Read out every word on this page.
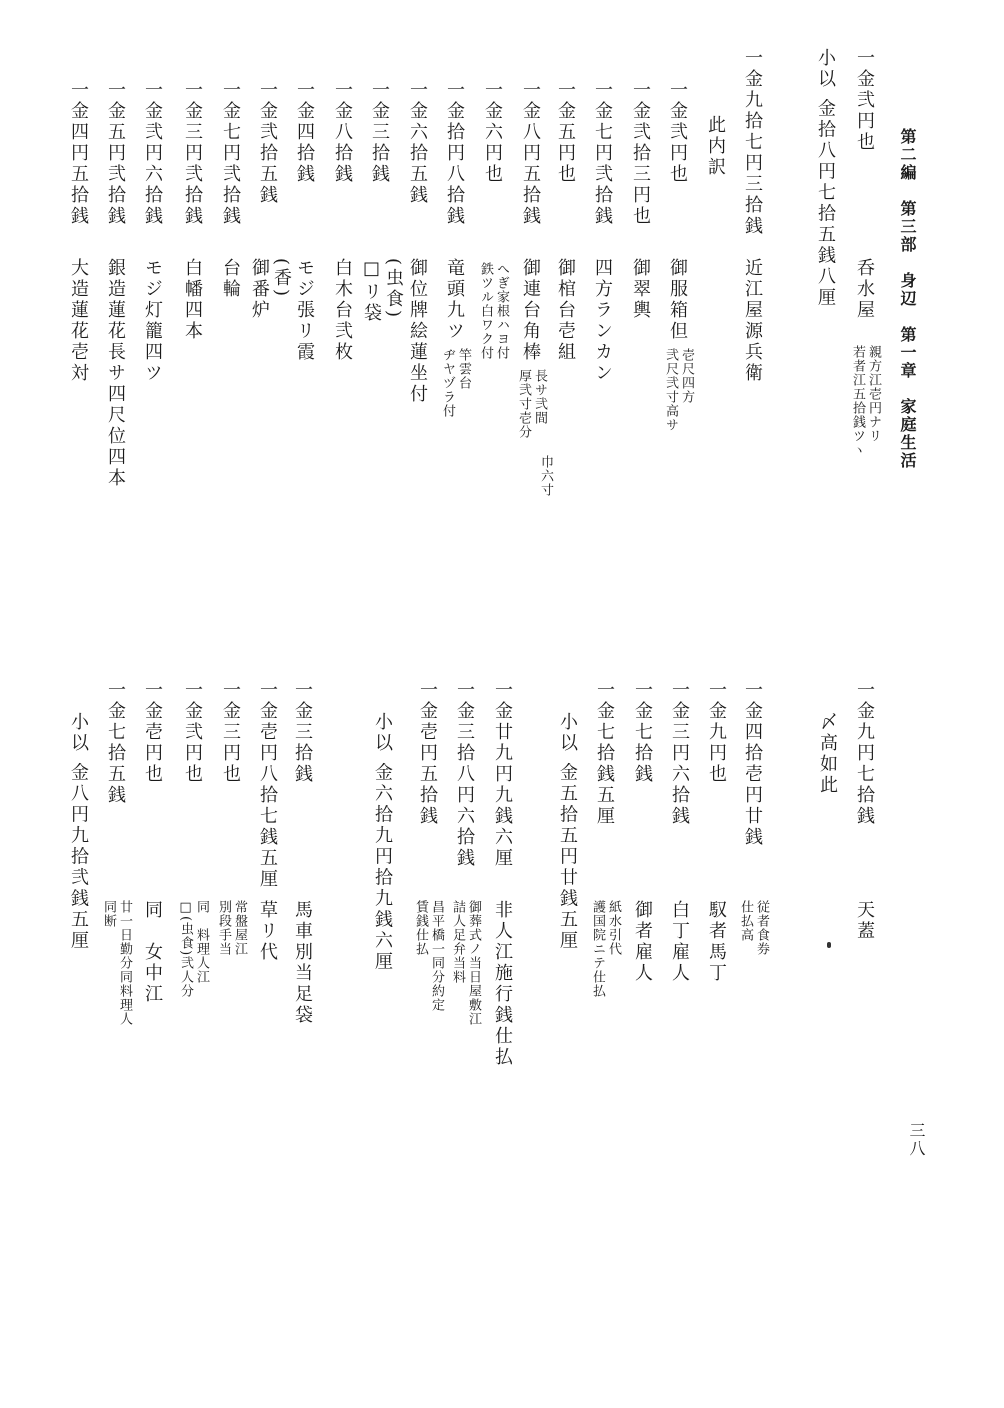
第二編　第三部　身辺　第一章　家庭生活
三八
一金弐円也
呑水屋
親方江壱円ナリ
若者江五拾銭ツヽ
小以 金拾八円七拾五銭八厘
一金九拾七円三拾銭
近江屋源兵衛
此内訳
一金弐円也
御服箱但
壱尺四方
弐尺弐寸高サ
一金弐拾三円也
御翠輿
一金七円弐拾銭
四方ランカン
一金五円也
御棺台壱組
一金八円五拾銭
御連台角棒
長サ弐間
厚弐寸壱分
巾六寸
一金六円也
へぎ家根ハヨ付
鉄ツル白ワク付
一金拾円八拾銭
竜頭九ツ
竿雲台
ヂヤヅラ付
一金六拾五銭
御位牌絵蓮坐付
一金三拾銭
(虫食)
□リ袋
一金八拾銭
白木台弐枚
一金四拾銭
モジ張リ霞
一金弐拾五銭
(香)
御番炉
一金七円弐拾銭
台輪
一金三円弐拾銭
白幡四本
一金弐円六拾銭
モジ灯籠四ツ
一金五円弐拾銭
銀造蓮花長サ四尺位四本
一金四円五拾銭
大造蓮花壱対
一金九円七拾銭
天蓋
〆高如此
一金四拾壱円廿銭
従者食券
仕払高
一金九円也
馭者馬丁
一金三円六拾銭
白丁雇人
一金七拾銭
御者雇人
一金七拾銭五厘
紙水引代
護国院ニテ仕払
小以 金五拾五円廿銭五厘
一金廿九円九銭六厘
非人江施行銭仕払
一金三拾八円六拾銭
御葬式ノ当日屋敷江
詰人足弁当料
一金壱円五拾銭
昌平橋一同分約定
賃銭仕払
小以 金六拾九円拾九銭六厘
一金三拾銭
馬車別当足袋
一金壱円八拾七銭五厘
草リ代
一金三円也
常盤屋江
別段手当
一金弐円也
同　料理人江
□(虫食)弐人分
一金壱円也
同　女中江
一金七拾五銭
廿一日勤分同料理人
同断
小以 金八円九拾弐銭五厘
